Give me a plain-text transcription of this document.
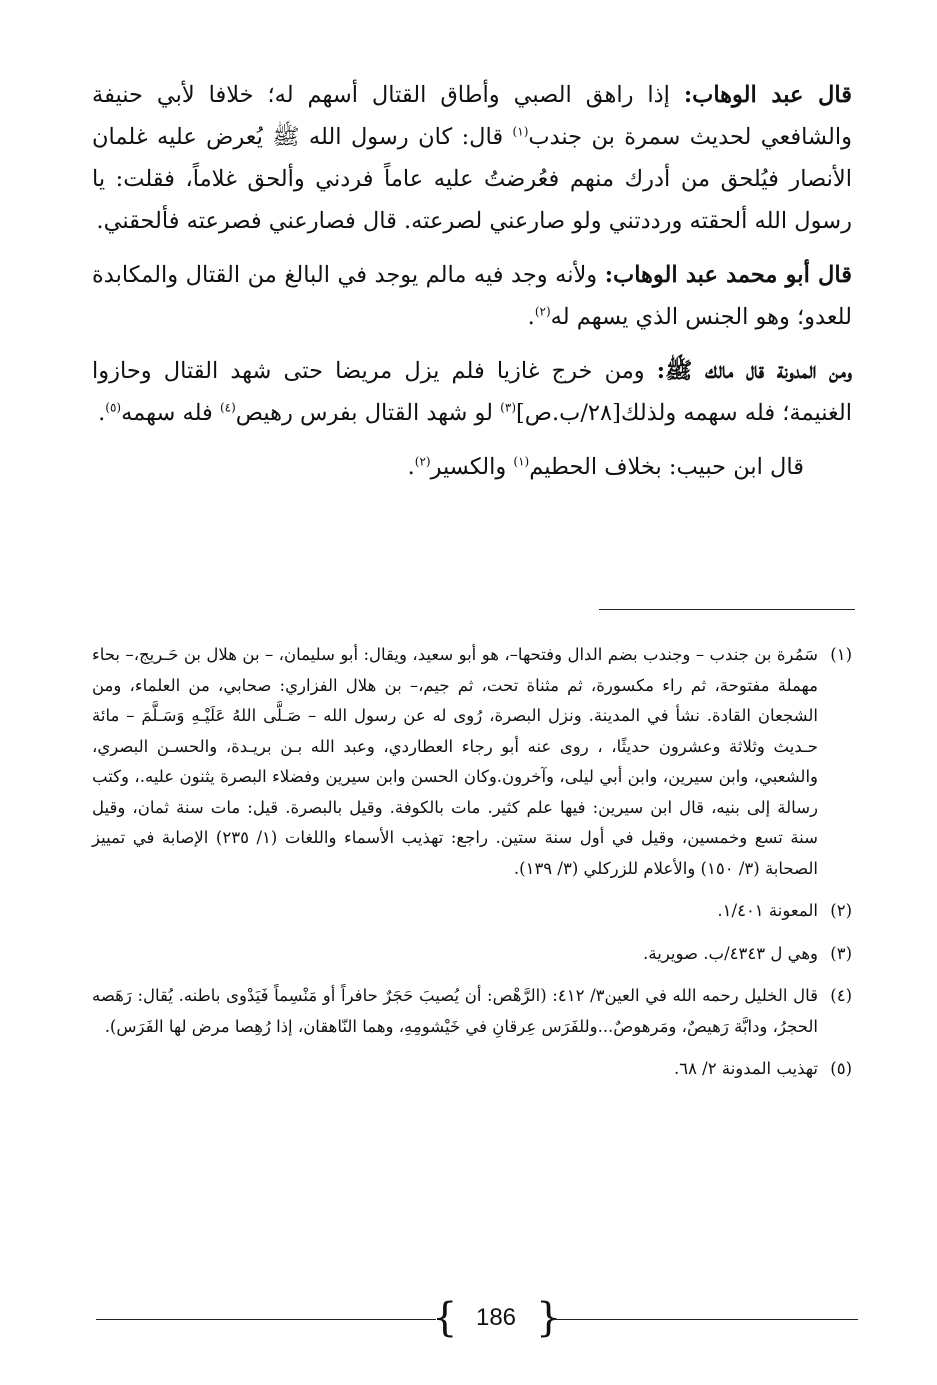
قال عبد الوهاب: إذا راهق الصبي وأطاق القتال أسهم له؛ خلافا لأبي حنيفة والشافعي لحديث سمرة بن جندب$^{(١)}$ قال: كان رسول الله ﷺ يُعرض عليه غلمان الأنصار فيُلحق من أدرك منهم فعُرضتُ عليه عاماً فردني وألحق غلاماً، فقلت: يا رسول الله ألحقته ورددتني ولو صارعني لصرعته. قال فصارعني فصرعته فألحقني.

قال أبو محمد عبد الوهاب: ولأنه وجد فيه مالم يوجد في البالغ من القتال والمكابدة للعدو؛ وهو الجنس الذي يسهم له$^{(٢)}$.

ومن المدونة قال مالك ﷺ: ومن خرج غازيا فلم يزل مريضا حتى شهد القتال وحازوا الغنيمة؛ فله سهمه ولذلك[٢٨/ب.ص]$^{(٣)}$ لو شهد القتال بفرس رهيص$^{(٤)}$ فله سهمه$^{(٥)}$.

قال ابن حبيب: بخلاف الحطيم$^{(١)}$ والكسير$^{(٢)}$.

(١)
سَمُرة بن جندب – وجندب بضم الدال وفتحها–، هو أبو سعيد، ويقال: أبو سليمان، – بن هلال بن حَـريج،– بحاء مهملة مفتوحة، ثم راء مكسورة، ثم مثناة تحت، ثم جيم،– بن هلال الفزاري: صحابي، من العلماء، ومن الشجعان القادة. نشأ في المدينة. ونزل البصرة، رُوى له عن رسول الله – صَـلَّى اللهُ عَلَيْـهِ وَسَـلَّمَ – مائة حـديث وثلاثة وعشرون حديثًا، ، روى عنه أبو رجاء العطاردي، وعبد الله بـن بريـدة، والحسـن البصري، والشعبي، وابن سيرين، وابن أبي ليلى، وآخرون.وكان الحسن وابن سيرين وفضلاء البصرة يثنون عليه.، وكتب رسالة إلى بنيه، قال ابن سيرين: فيها علم كثير. مات بالكوفة. وقيل بالبصرة. قيل: مات سنة ثمان، وقيل سنة تسع وخمسين، وقيل في أول سنة ستين. راجع: تهذيب الأسماء واللغات (١/ ٢٣٥) الإصابة في تمييز الصحابة (٣/ ١٥٠) والأعلام للزركلي (٣/ ١٣٩).
(٢)
المعونة ١/٤٠١.
(٣)
وهي ل ٤٣٤٣/ب. صويرية.
(٤)
قال الخليل رحمه الله في العين٣/ ٤١٢: (الرَّهْص: أن يُصيبَ حَجَرٌ حافراً أو مَنْسِماً فَيَدْوى باطنه. يُقال: رَهَصه الحجرُ، ودابَّة رَهيصٌ، ومَرهوصٌ...وللفَرَس عِرقانِ في خَيْشومِهِ، وهما النّاهقان، إذا رُهِصا مرض لها الفَرَس).
(٥)
تهذيب المدونة ٢/ ٦٨.
{ 186 }
